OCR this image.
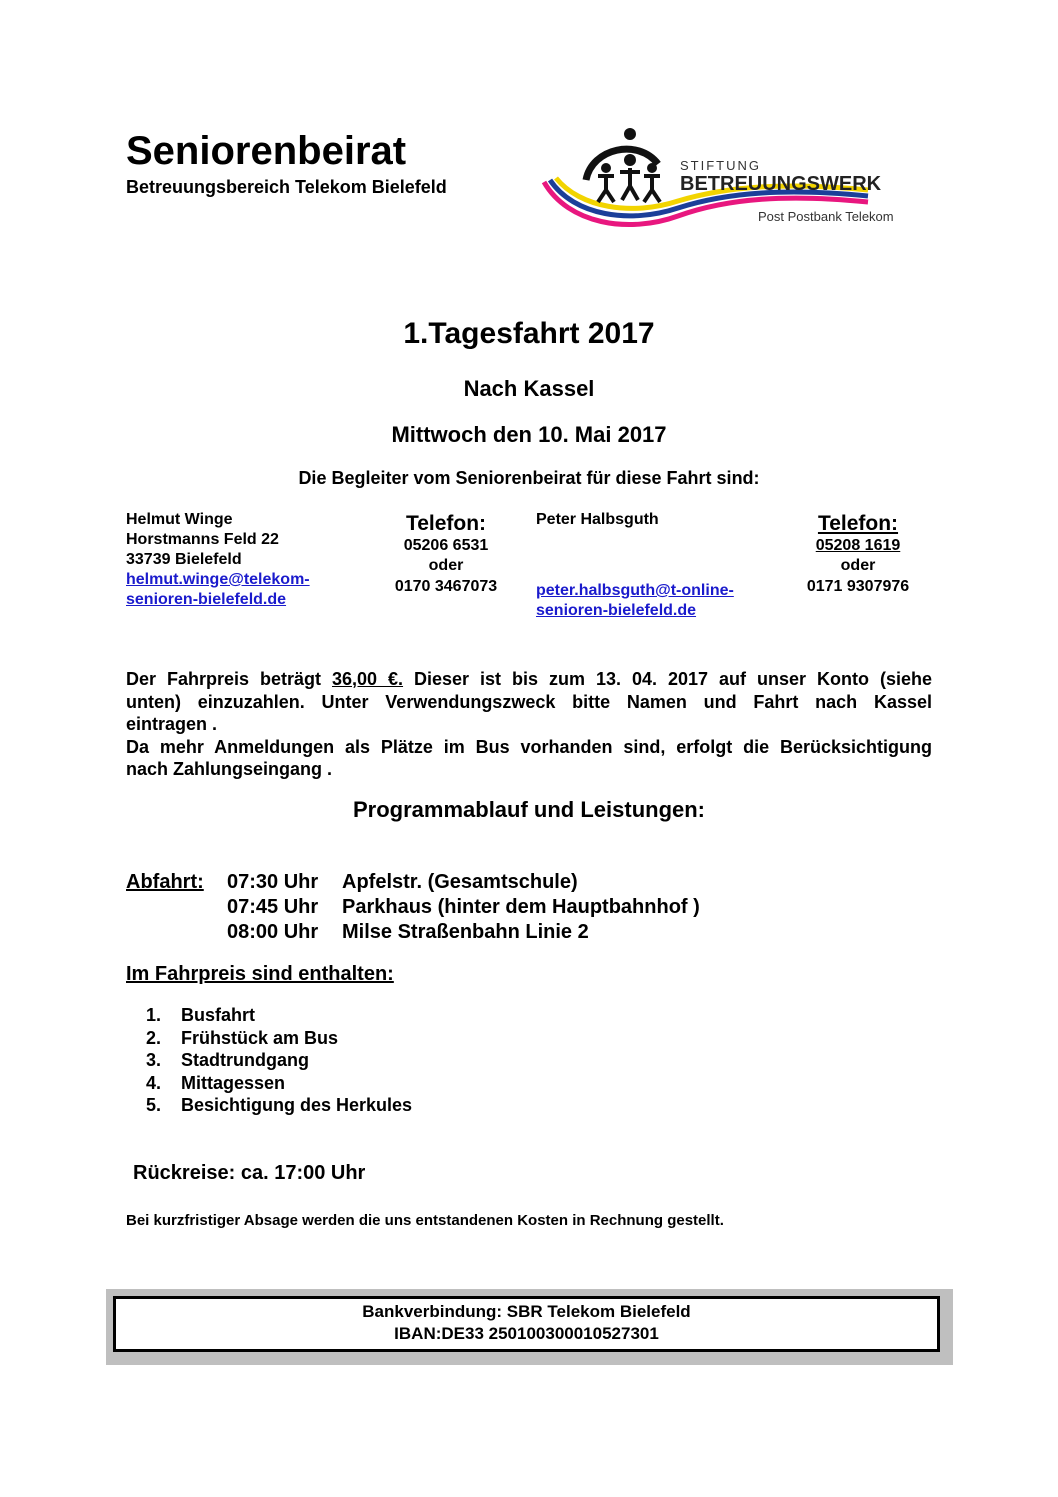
Seniorenbeirat
Betreuungsbereich Telekom Bielefeld
STIFTUNG
BETREUUNGSWERK
Post Postbank Telekom
1.Tagesfahrt 2017
Nach Kassel
Mittwoch den 10. Mai 2017
Die Begleiter vom Seniorenbeirat für diese Fahrt sind:
Helmut Winge
Horstmanns Feld 22
33739 Bielefeld
helmut.winge@telekom-
senioren-bielefeld.de
Telefon:
05206 6531
oder
0170 3467073
Peter Halbsguth
peter.halbsguth@t-online-
senioren-bielefeld.de
Telefon:
05208 1619
oder
0171 9307976
Der Fahrpreis beträgt 36,00 €. Dieser ist bis zum 13. 04. 2017 auf unser Konto (siehe
unten) einzuzahlen. Unter Verwendungszweck bitte Namen und Fahrt nach Kassel
eintragen .
Da mehr Anmeldungen als Plätze im Bus vorhanden sind, erfolgt die Berücksichtigung
nach Zahlungseingang .
Programmablauf und Leistungen:
Abfahrt:	07:30 Uhr	Apfelstr. (Gesamtschule)
07:45 Uhr	Parkhaus (hinter dem Hauptbahnhof )
08:00 Uhr	Milse Straßenbahn Linie 2
Im Fahrpreis sind enthalten:
1.	Busfahrt
2.	Frühstück am Bus
3.	Stadtrundgang
4.	Mittagessen
5.	Besichtigung des Herkules
Rückreise: ca. 17:00 Uhr
Bei kurzfristiger Absage werden die uns entstandenen Kosten in Rechnung gestellt.
Bankverbindung: SBR Telekom Bielefeld
IBAN:DE33 250100300010527301
